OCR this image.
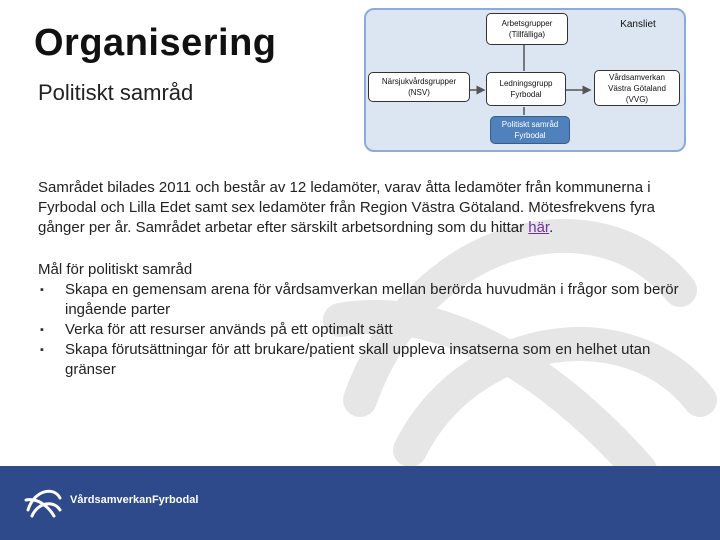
Organisering
Politiskt samråd
Arbetsgrupper
(Tillfälliga)
Kansliet
Närsjukvårdsgrupper
(NSV)
Ledningsgrupp
Fyrbodal
Vårdsamverkan
Västra Götaland
(VVG)
Politiskt samråd
Fyrbodal

Samrådet bilades 2011 och består av 12 ledamöter, varav åtta ledamöter från kommunerna i Fyrbodal och Lilla Edet samt sex ledamöter från Region Västra Götaland. Mötesfrekvens fyra gånger per år. Samrådet arbetar efter särskilt arbetsordning som du hittar här.

Mål för politiskt samråd
▪ Skapa en gemensam arena för vårdsamverkan mellan berörda huvudmän i frågor som berör ingående parter
▪ Verka för att resurser används på ett optimalt sätt
▪ Skapa förutsättningar för att brukare/patient skall uppleva insatserna som en helhet utan gränser
VårdsamverkanFyrbodal
